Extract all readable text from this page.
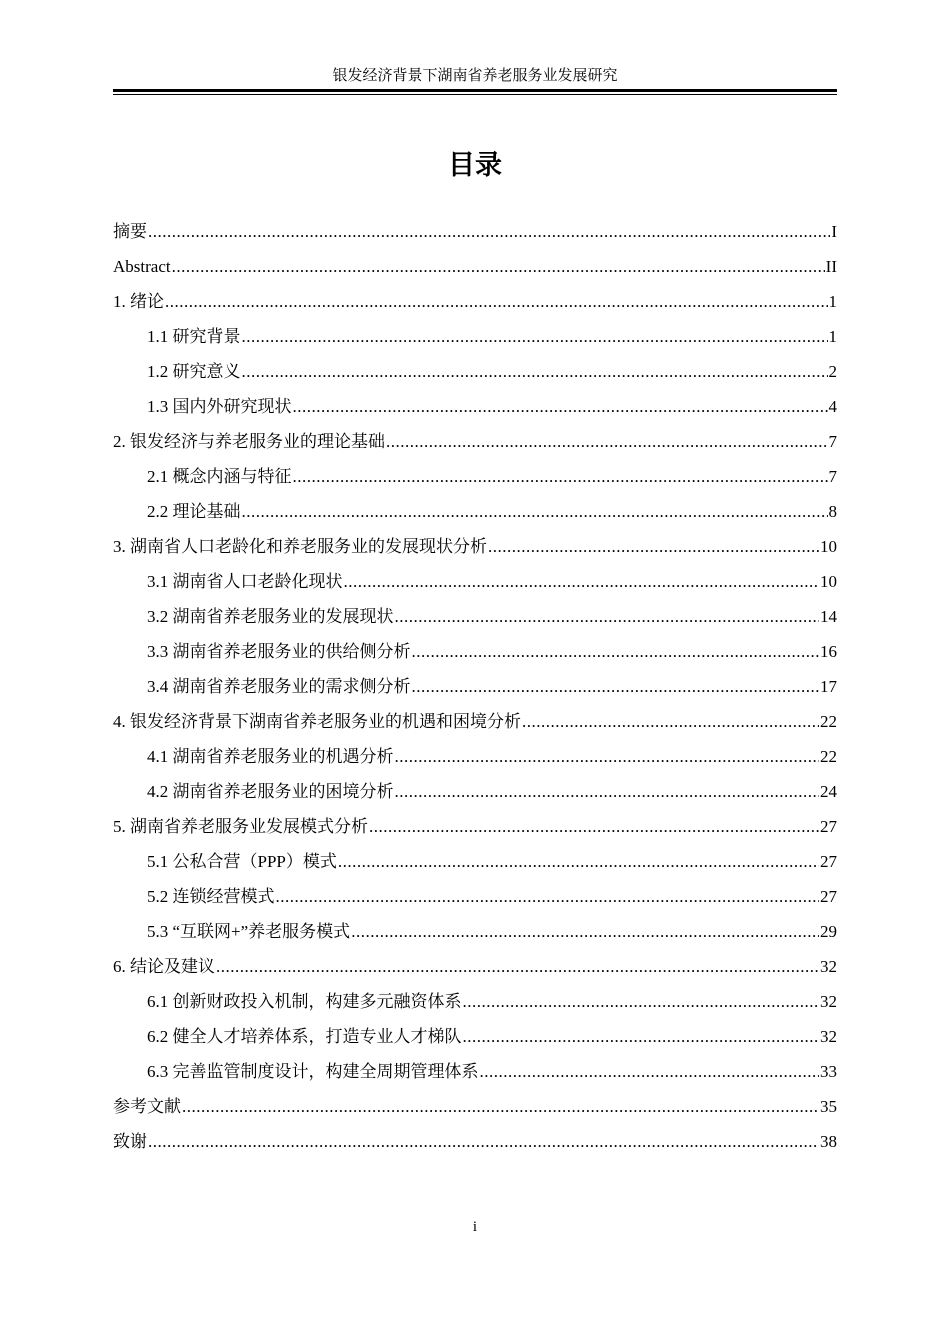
银发经济背景下湖南省养老服务业发展研究
目录
摘要 .....	I
Abstract .....	II
1. 绪论 .....	1
1.1 研究背景 .....	1
1.2 研究意义 .....	2
1.3 国内外研究现状 .....	4
2. 银发经济与养老服务业的理论基础 .....	7
2.1 概念内涵与特征 .....	7
2.2 理论基础 .....	8
3. 湖南省人口老龄化和养老服务业的发展现状分析 .....	10
3.1 湖南省人口老龄化现状 .....	10
3.2 湖南省养老服务业的发展现状 .....	14
3.3 湖南省养老服务业的供给侧分析 .....	16
3.4 湖南省养老服务业的需求侧分析 .....	17
4. 银发经济背景下湖南省养老服务业的机遇和困境分析 .....	22
4.1 湖南省养老服务业的机遇分析 .....	22
4.2 湖南省养老服务业的困境分析 .....	24
5. 湖南省养老服务业发展模式分析 .....	27
5.1 公私合营（PPP）模式 .....	27
5.2 连锁经营模式 .....	27
5.3 “互联网+”养老服务模式 .....	29
6. 结论及建议 .....	32
6.1 创新财政投入机制，构建多元融资体系 .....	32
6.2 健全人才培养体系，打造专业人才梯队 .....	32
6.3 完善监管制度设计，构建全周期管理体系 .....	33
参考文献 .....	35
致谢 .....	38
i
